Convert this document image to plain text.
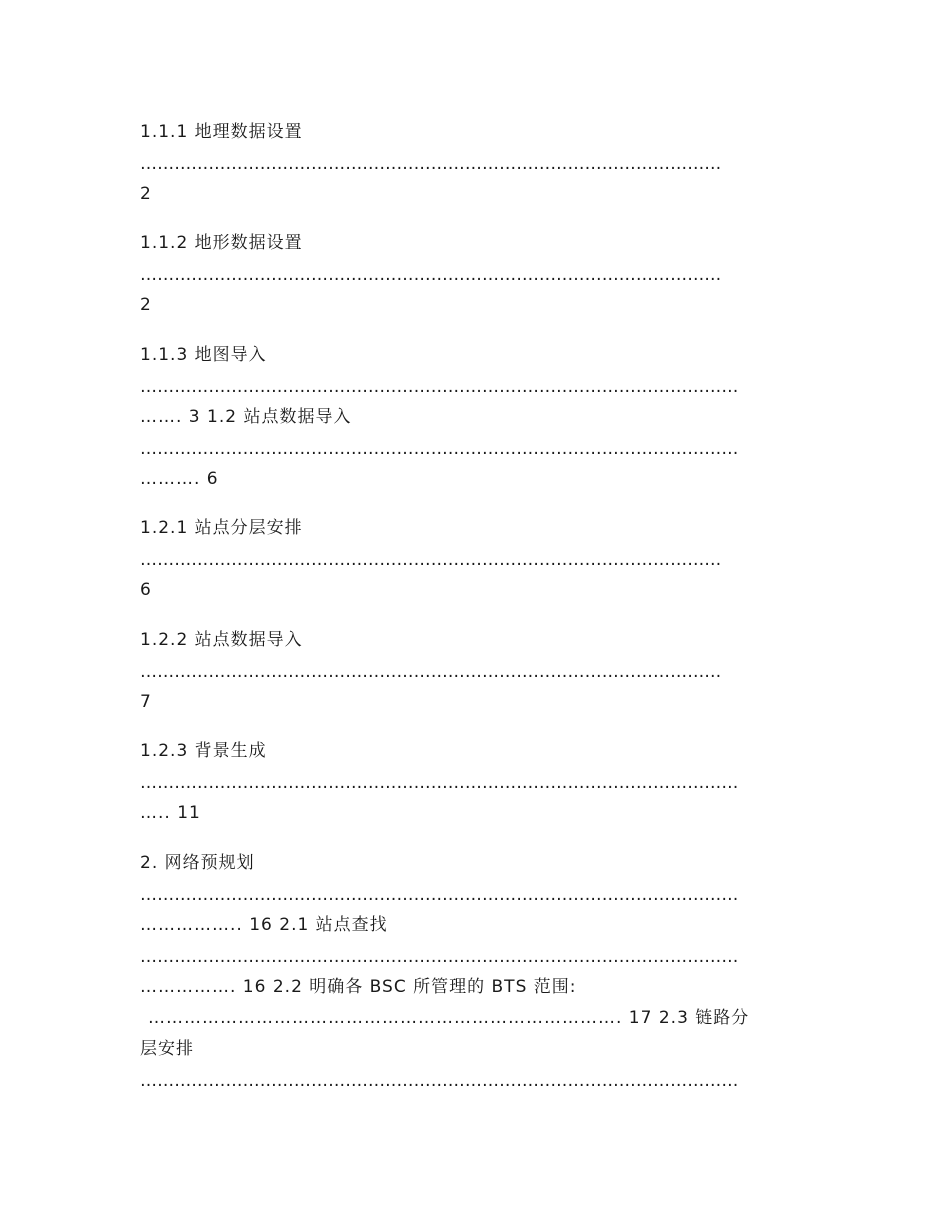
1.1.1 地理数据设置
…………………………………………………………………………………………
2
1.1.2 地形数据设置
…………………………………………………………………………………………
2
1.1.3 地图导入
……………………………………………………………………………………………
……. 3 1.2 站点数据导入
……………………………………………………………………………………………
………. 6
1.2.1 站点分层安排
…………………………………………………………………………………………
6
1.2.2 站点数据导入
…………………………………………………………………………………………
7
1.2.3 背景生成
……………………………………………………………………………………………
….. 11
2. 网络预规划
……………………………………………………………………………………………
…………….. 16 2.1 站点查找
……………………………………………………………………………………………
……………. 16 2.2 明确各 BSC 所管理的 BTS 范围:
……………………………………………………………………. 17 2.3 链路分
层安排
……………………………………………………………………………………………
